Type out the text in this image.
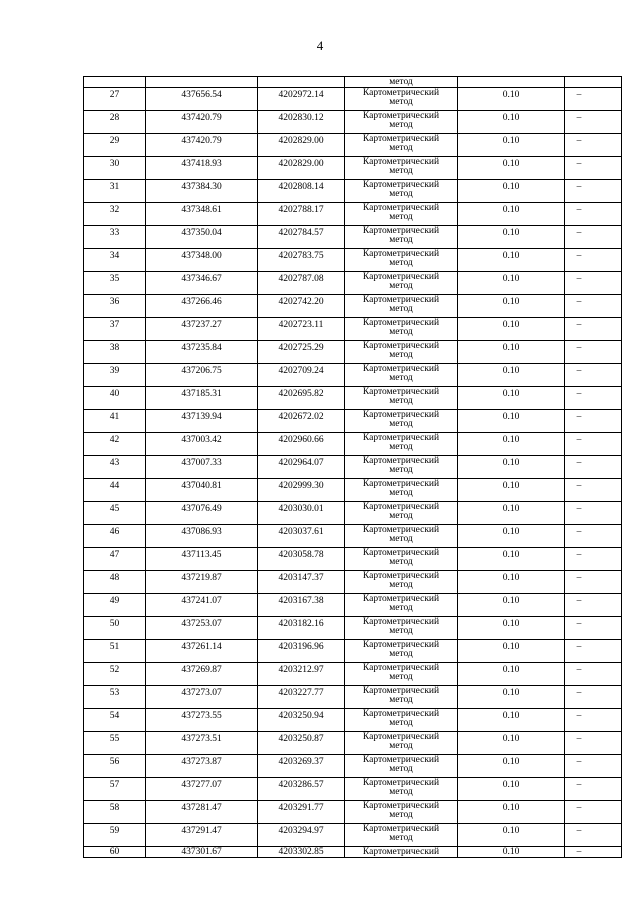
4
			метод		
27	437656.54	4202972.14	Картометрический
метод	0.10	–
28	437420.79	4202830.12	Картометрический
метод	0.10	–
29	437420.79	4202829.00	Картометрический
метод	0.10	–
30	437418.93	4202829.00	Картометрический
метод	0.10	–
31	437384.30	4202808.14	Картометрический
метод	0.10	–
32	437348.61	4202788.17	Картометрический
метод	0.10	–
33	437350.04	4202784.57	Картометрический
метод	0.10	–
34	437348.00	4202783.75	Картометрический
метод	0.10	–
35	437346.67	4202787.08	Картометрический
метод	0.10	–
36	437266.46	4202742.20	Картометрический
метод	0.10	–
37	437237.27	4202723.11	Картометрический
метод	0.10	–
38	437235.84	4202725.29	Картометрический
метод	0.10	–
39	437206.75	4202709.24	Картометрический
метод	0.10	–
40	437185.31	4202695.82	Картометрический
метод	0.10	–
41	437139.94	4202672.02	Картометрический
метод	0.10	–
42	437003.42	4202960.66	Картометрический
метод	0.10	–
43	437007.33	4202964.07	Картометрический
метод	0.10	–
44	437040.81	4202999.30	Картометрический
метод	0.10	–
45	437076.49	4203030.01	Картометрический
метод	0.10	–
46	437086.93	4203037.61	Картометрический
метод	0.10	–
47	437113.45	4203058.78	Картометрический
метод	0.10	–
48	437219.87	4203147.37	Картометрический
метод	0.10	–
49	437241.07	4203167.38	Картометрический
метод	0.10	–
50	437253.07	4203182.16	Картометрический
метод	0.10	–
51	437261.14	4203196.96	Картометрический
метод	0.10	–
52	437269.87	4203212.97	Картометрический
метод	0.10	–
53	437273.07	4203227.77	Картометрический
метод	0.10	–
54	437273.55	4203250.94	Картометрический
метод	0.10	–
55	437273.51	4203250.87	Картометрический
метод	0.10	–
56	437273.87	4203269.37	Картометрический
метод	0.10	–
57	437277.07	4203286.57	Картометрический
метод	0.10	–
58	437281.47	4203291.77	Картометрический
метод	0.10	–
59	437291.47	4203294.97	Картометрический
метод	0.10	–
60	437301.67	4203302.85	Картометрический	0.10	–
